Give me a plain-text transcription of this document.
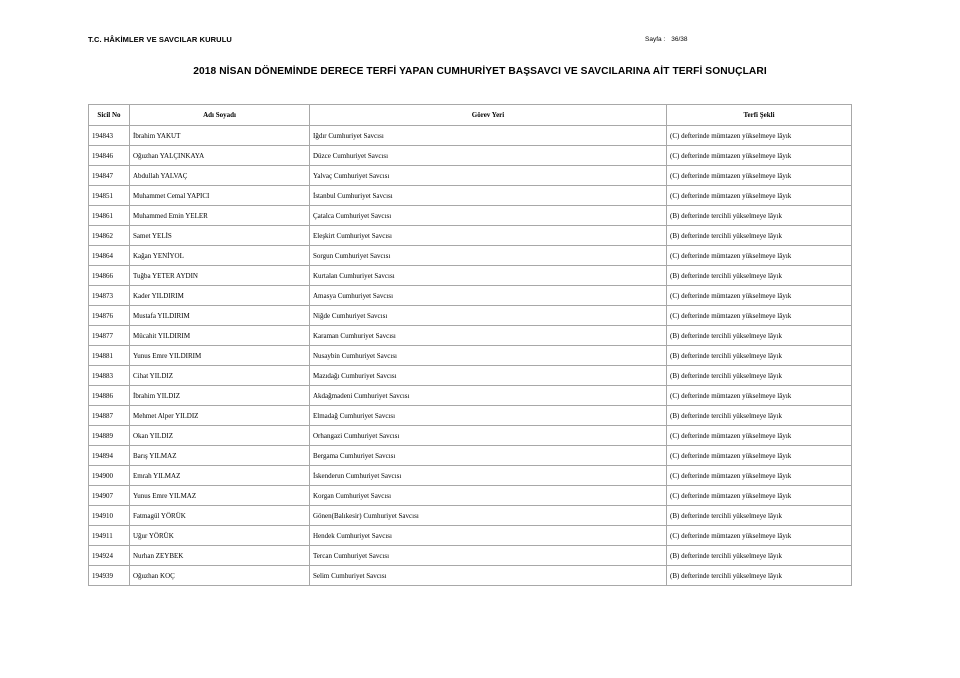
T.C. HÂKİMLER VE SAVCILAR KURULU	Sayfa : 36/38
2018 NİSAN DÖNEMİNDE DERECE TERFİ YAPAN CUMHURİYET BAŞSAVCI VE SAVCILARINA AİT TERFİ SONUÇLARI
Sicil No	Adı Soyadı	Görev Yeri	Terfi Şekli
194843	İbrahim YAKUT	Iğdır Cumhuriyet Savcısı	(C) defterinde mümtazen yükselmeye lâyık
194846	Oğuzhan YALÇINKAYA	Düzce Cumhuriyet Savcısı	(C) defterinde mümtazen yükselmeye lâyık
194847	Abdullah YALVAÇ	Yalvaç Cumhuriyet Savcısı	(C) defterinde mümtazen yükselmeye lâyık
194851	Muhammet Cemal YAPICI	İstanbul Cumhuriyet Savcısı	(C) defterinde mümtazen yükselmeye lâyık
194861	Muhammed Emin YELER	Çatalca Cumhuriyet Savcısı	(B) defterinde tercihli yükselmeye lâyık
194862	Samet YELİS	Eleşkirt Cumhuriyet Savcısı	(B) defterinde tercihli yükselmeye lâyık
194864	Kağan YENİYOL	Sorgun Cumhuriyet Savcısı	(C) defterinde mümtazen yükselmeye lâyık
194866	Tuğba YETER AYDIN	Kurtalan Cumhuriyet Savcısı	(B) defterinde tercihli yükselmeye lâyık
194873	Kader YILDIRIM	Amasya Cumhuriyet Savcısı	(C) defterinde mümtazen yükselmeye lâyık
194876	Mustafa YILDIRIM	Niğde Cumhuriyet Savcısı	(C) defterinde mümtazen yükselmeye lâyık
194877	Mücahit YILDIRIM	Karaman Cumhuriyet Savcısı	(B) defterinde tercihli yükselmeye lâyık
194881	Yunus Emre YILDIRIM	Nusaybin Cumhuriyet Savcısı	(B) defterinde tercihli yükselmeye lâyık
194883	Cihat YILDIZ	Mazıdağı Cumhuriyet Savcısı	(B) defterinde tercihli yükselmeye lâyık
194886	İbrahim YILDIZ	Akdağmadeni Cumhuriyet Savcısı	(C) defterinde mümtazen yükselmeye lâyık
194887	Mehmet Alper YILDIZ	Elmadağ Cumhuriyet Savcısı	(B) defterinde tercihli yükselmeye lâyık
194889	Okan YILDIZ	Orhangazi Cumhuriyet Savcısı	(C) defterinde mümtazen yükselmeye lâyık
194894	Barış YILMAZ	Bergama Cumhuriyet Savcısı	(C) defterinde mümtazen yükselmeye lâyık
194900	Emrah YILMAZ	İskenderun Cumhuriyet Savcısı	(C) defterinde mümtazen yükselmeye lâyık
194907	Yunus Emre YILMAZ	Korgan Cumhuriyet Savcısı	(C) defterinde mümtazen yükselmeye lâyık
194910	Fatmagül YÖRÜK	Gönen(Balıkesir) Cumhuriyet Savcısı	(B) defterinde tercihli yükselmeye lâyık
194911	Uğur YÖRÜK	Hendek Cumhuriyet Savcısı	(C) defterinde mümtazen yükselmeye lâyık
194924	Nurhan ZEYBEK	Tercan Cumhuriyet Savcısı	(B) defterinde tercihli yükselmeye lâyık
194939	Oğuzhan KOÇ	Selim Cumhuriyet Savcısı	(B) defterinde tercihli yükselmeye lâyık
